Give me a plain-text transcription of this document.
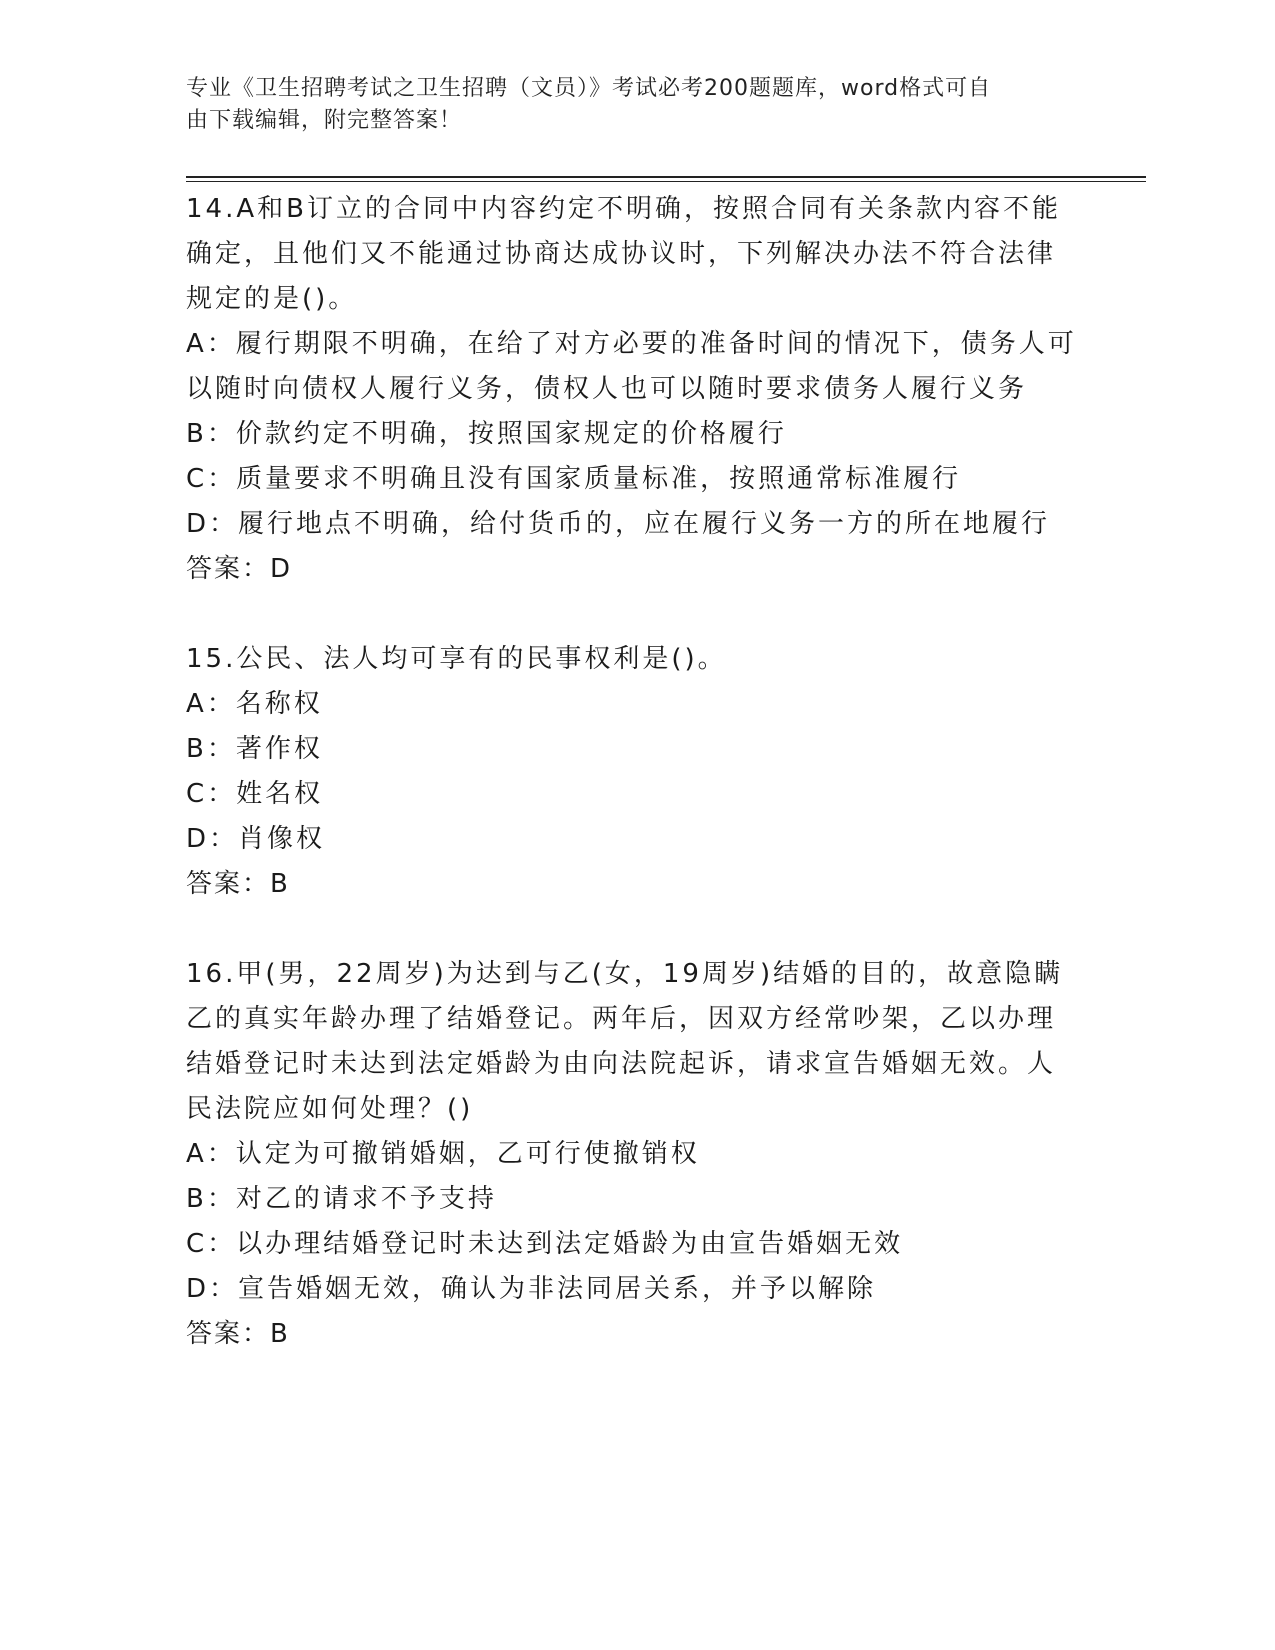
专业《卫生招聘考试之卫生招聘（文员）》考试必考200题题库，word格式可自
由下载编辑，附完整答案！

14.A和B订立的合同中内容约定不明确，按照合同有关条款内容不能

确定，且他们又不能通过协商达成协议时，下列解决办法不符合法律

规定的是()。

A：履行期限不明确，在给了对方必要的准备时间的情况下，债务人可

以随时向债权人履行义务，债权人也可以随时要求债务人履行义务

B：价款约定不明确，按照国家规定的价格履行

C：质量要求不明确且没有国家质量标准，按照通常标准履行

D：履行地点不明确，给付货币的，应在履行义务一方的所在地履行

答案：D

15.公民、法人均可享有的民事权利是()。

A：名称权

B：著作权

C：姓名权

D：肖像权

答案：B

16.甲(男，22周岁)为达到与乙(女，19周岁)结婚的目的，故意隐瞒

乙的真实年龄办理了结婚登记。两年后，因双方经常吵架，乙以办理

结婚登记时未达到法定婚龄为由向法院起诉，请求宣告婚姻无效。人

民法院应如何处理？()

A：认定为可撤销婚姻，乙可行使撤销权

B：对乙的请求不予支持

C：以办理结婚登记时未达到法定婚龄为由宣告婚姻无效

D：宣告婚姻无效，确认为非法同居关系，并予以解除

答案：B
